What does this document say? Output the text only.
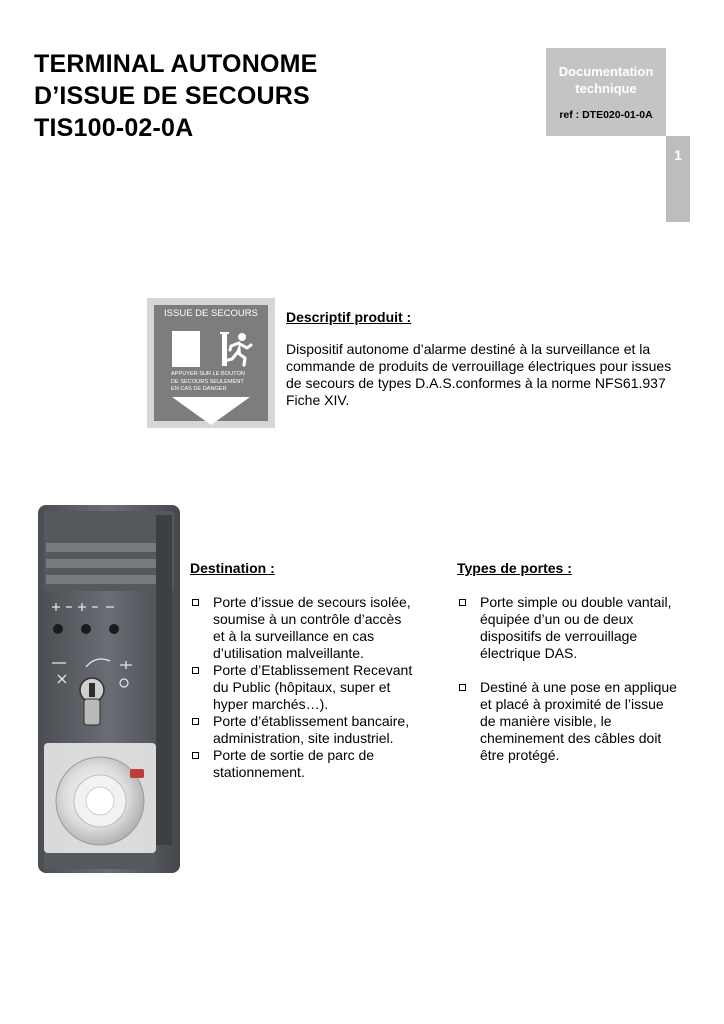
TERMINAL AUTONOME
D’ISSUE DE SECOURS
TIS100-02-0A
Documentation
technique
ref : DTE020-01-0A
1
ISSUE DE SECOURS
APPUYER SUR LE BOUTON
DE SECOURS SEULEMENT
EN CAS DE DANGER
Descriptif produit :
Dispositif autonome d’alarme destiné à la surveillance et la
commande de produits de verrouillage électriques pour issues
de secours de types D.A.S.conformes à la norme NFS61.937
Fiche XIV.
Destination :
Porte d’issue de secours isolée,
soumise à un contrôle d’accès
et à la surveillance en cas
d’utilisation malveillante.
Porte d’Etablissement Recevant
du Public (hôpitaux, super et
hyper marchés…).
Porte d’établissement bancaire,
administration, site industriel.
Porte de sortie de parc de
stationnement.
Types de portes :
Porte simple ou double vantail,
équipée d’un ou de deux
dispositifs de verrouillage
électrique DAS.
Destiné à une pose en applique
et placé à proximité de l’issue
de manière visible, le
cheminement des câbles doit
être protégé.
